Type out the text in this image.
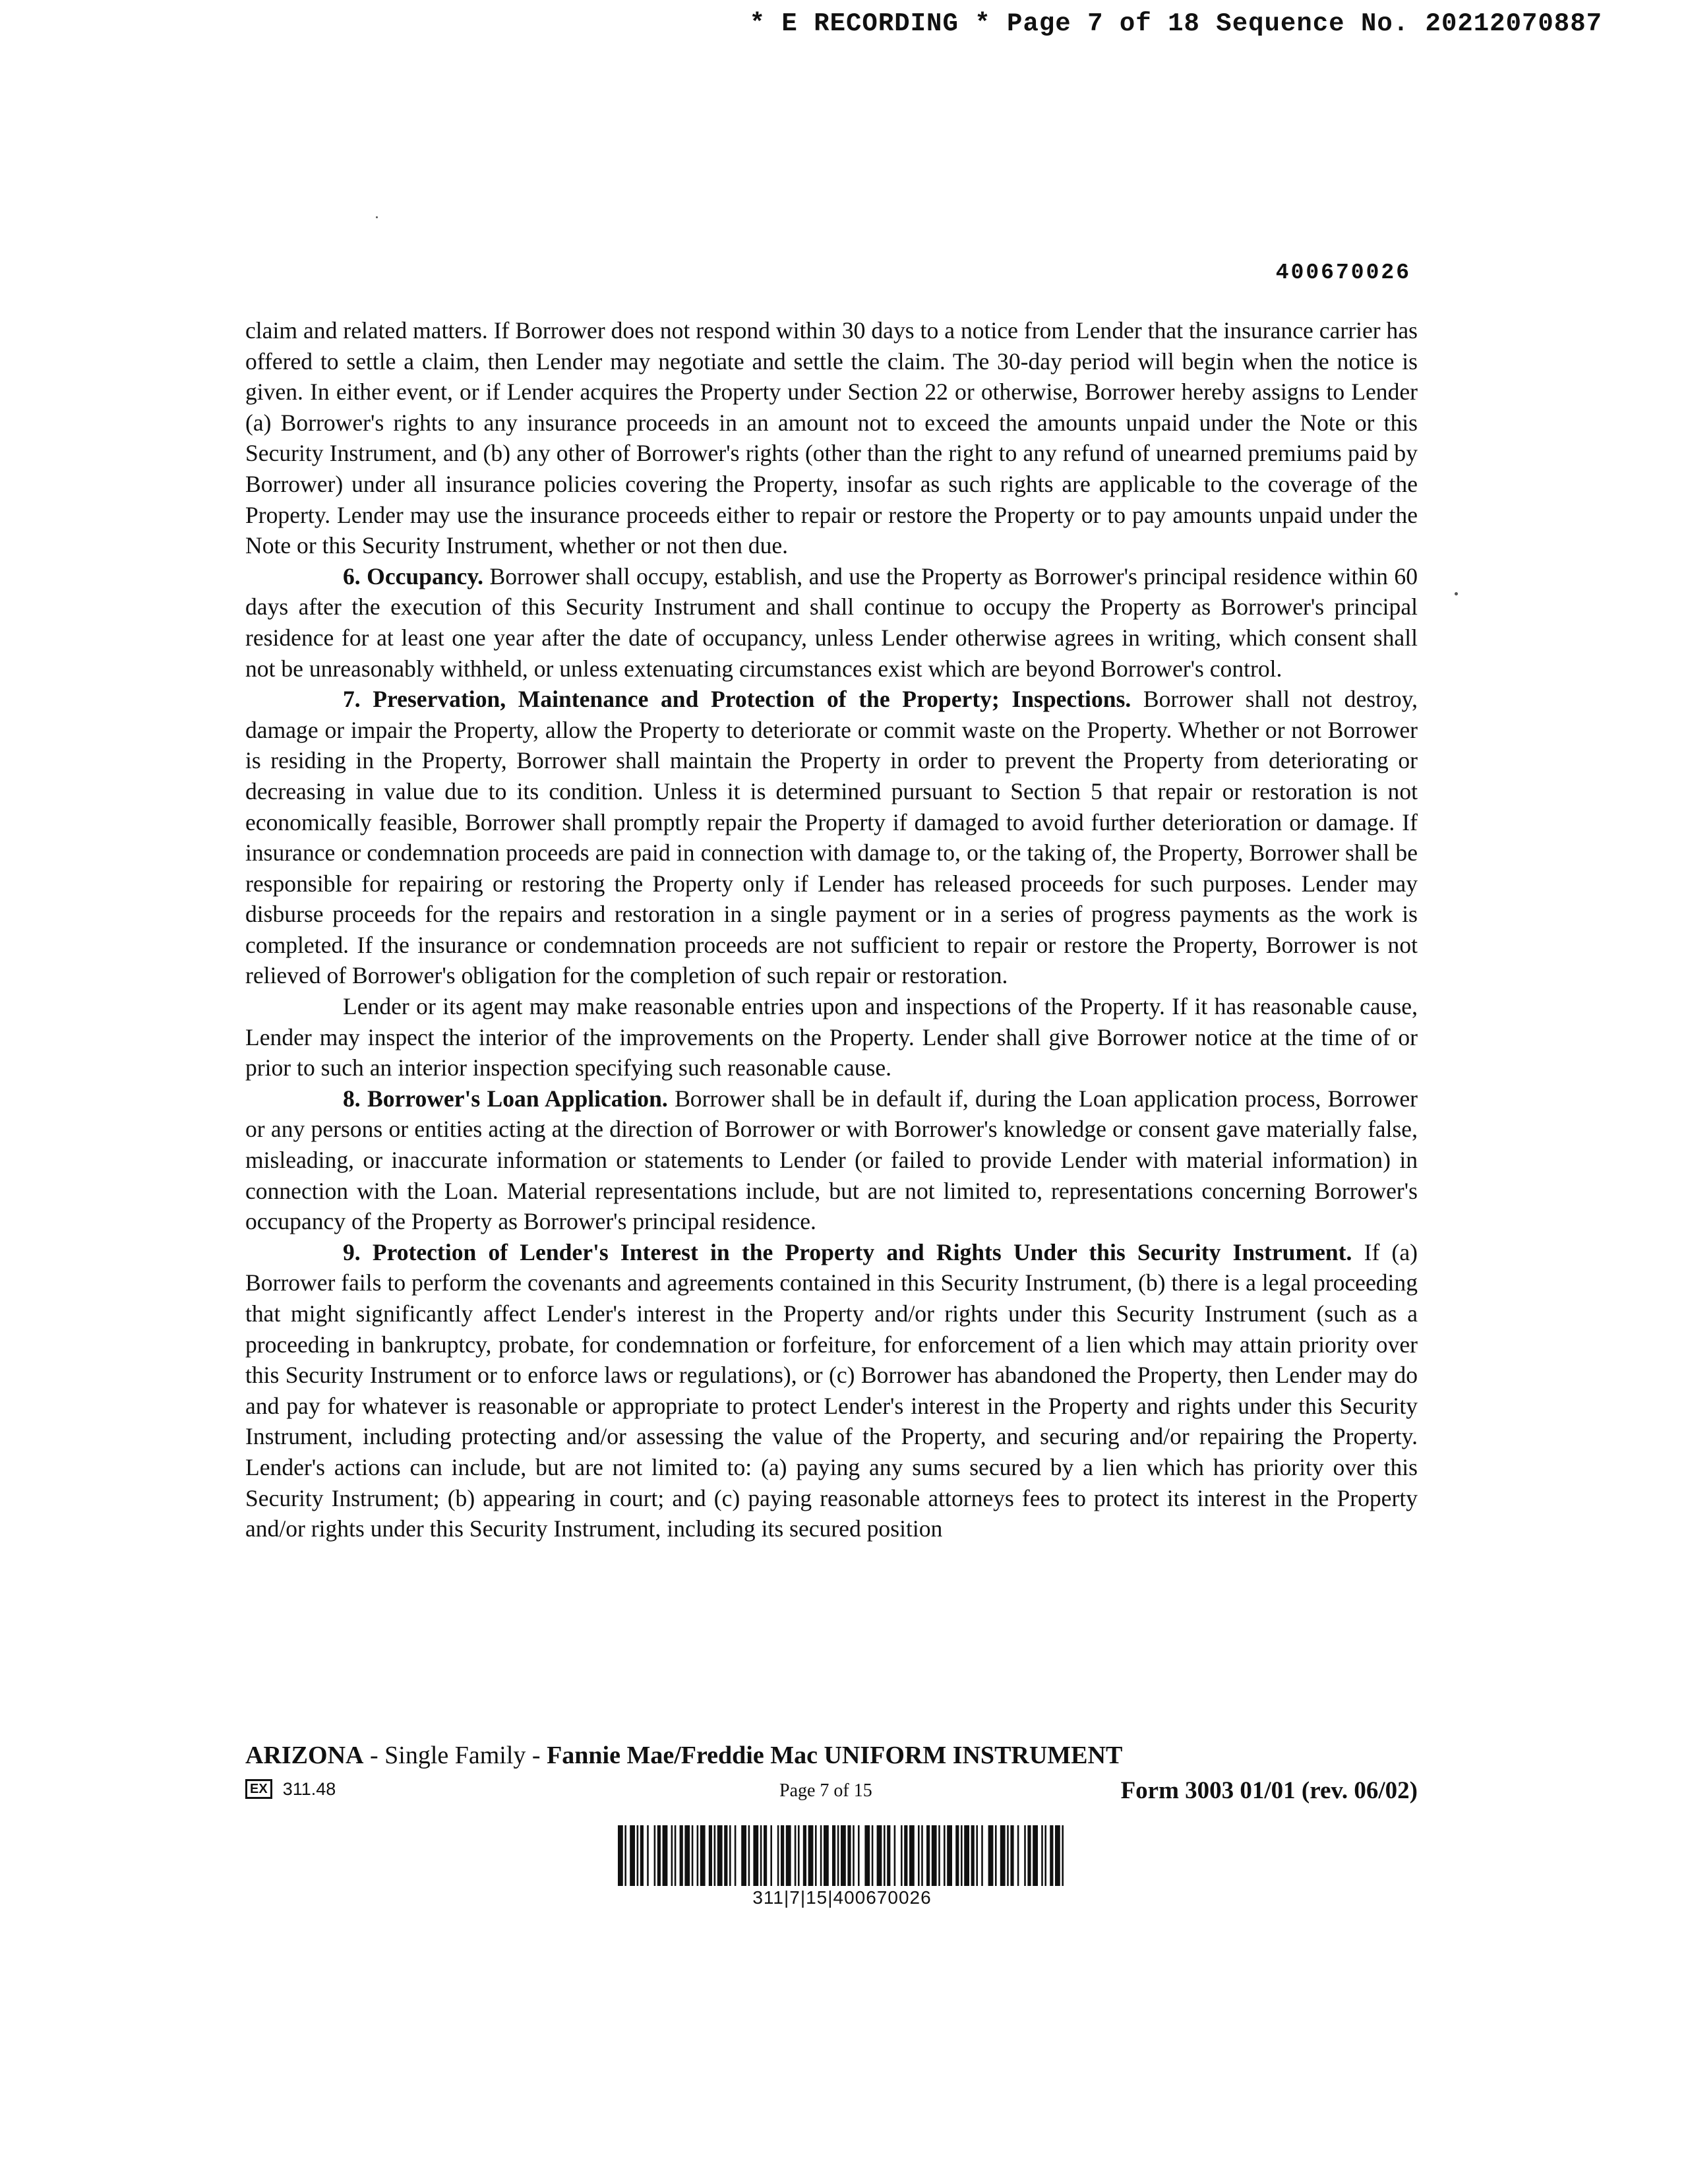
* E RECORDING * Page 7 of 18 Sequence No. 20212070887
400670026

claim and related matters. If Borrower does not respond within 30 days to a notice from Lender that the insurance carrier has offered to settle a claim, then Lender may negotiate and settle the claim. The 30-day period will begin when the notice is given. In either event, or if Lender acquires the Property under Section 22 or otherwise, Borrower hereby assigns to Lender (a) Borrower's rights to any insurance proceeds in an amount not to exceed the amounts unpaid under the Note or this Security Instrument, and (b) any other of Borrower's rights (other than the right to any refund of unearned premiums paid by Borrower) under all insurance policies covering the Property, insofar as such rights are applicable to the coverage of the Property. Lender may use the insurance proceeds either to repair or restore the Property or to pay amounts unpaid under the Note or this Security Instrument, whether or not then due.

6. Occupancy. Borrower shall occupy, establish, and use the Property as Borrower's principal residence within 60 days after the execution of this Security Instrument and shall continue to occupy the Property as Borrower's principal residence for at least one year after the date of occupancy, unless Lender otherwise agrees in writing, which consent shall not be unreasonably withheld, or unless extenuating circumstances exist which are beyond Borrower's control.

7. Preservation, Maintenance and Protection of the Property; Inspections. Borrower shall not destroy, damage or impair the Property, allow the Property to deteriorate or commit waste on the Property. Whether or not Borrower is residing in the Property, Borrower shall maintain the Property in order to prevent the Property from deteriorating or decreasing in value due to its condition. Unless it is determined pursuant to Section 5 that repair or restoration is not economically feasible, Borrower shall promptly repair the Property if damaged to avoid further deterioration or damage. If insurance or condemnation proceeds are paid in connection with damage to, or the taking of, the Property, Borrower shall be responsible for repairing or restoring the Property only if Lender has released proceeds for such purposes. Lender may disburse proceeds for the repairs and restoration in a single payment or in a series of progress payments as the work is completed. If the insurance or condemnation proceeds are not sufficient to repair or restore the Property, Borrower is not relieved of Borrower's obligation for the completion of such repair or restoration.

Lender or its agent may make reasonable entries upon and inspections of the Property. If it has reasonable cause, Lender may inspect the interior of the improvements on the Property. Lender shall give Borrower notice at the time of or prior to such an interior inspection specifying such reasonable cause.

8. Borrower's Loan Application. Borrower shall be in default if, during the Loan application process, Borrower or any persons or entities acting at the direction of Borrower or with Borrower's knowledge or consent gave materially false, misleading, or inaccurate information or statements to Lender (or failed to provide Lender with material information) in connection with the Loan. Material representations include, but are not limited to, representations concerning Borrower's occupancy of the Property as Borrower's principal residence.

9. Protection of Lender's Interest in the Property and Rights Under this Security Instrument. If (a) Borrower fails to perform the covenants and agreements contained in this Security Instrument, (b) there is a legal proceeding that might significantly affect Lender's interest in the Property and/or rights under this Security Instrument (such as a proceeding in bankruptcy, probate, for condemnation or forfeiture, for enforcement of a lien which may attain priority over this Security Instrument or to enforce laws or regulations), or (c) Borrower has abandoned the Property, then Lender may do and pay for whatever is reasonable or appropriate to protect Lender's interest in the Property and rights under this Security Instrument, including protecting and/or assessing the value of the Property, and securing and/or repairing the Property. Lender's actions can include, but are not limited to: (a) paying any sums secured by a lien which has priority over this Security Instrument; (b) appearing in court; and (c) paying reasonable attorneys fees to protect its interest in the Property and/or rights under this Security Instrument, including its secured position

ARIZONA - Single Family - Fannie Mae/Freddie Mac UNIFORM INSTRUMENT
EX 311.48	Page 7 of 15	Form 3003 01/01 (rev. 06/02)
311|7|15|400670026
